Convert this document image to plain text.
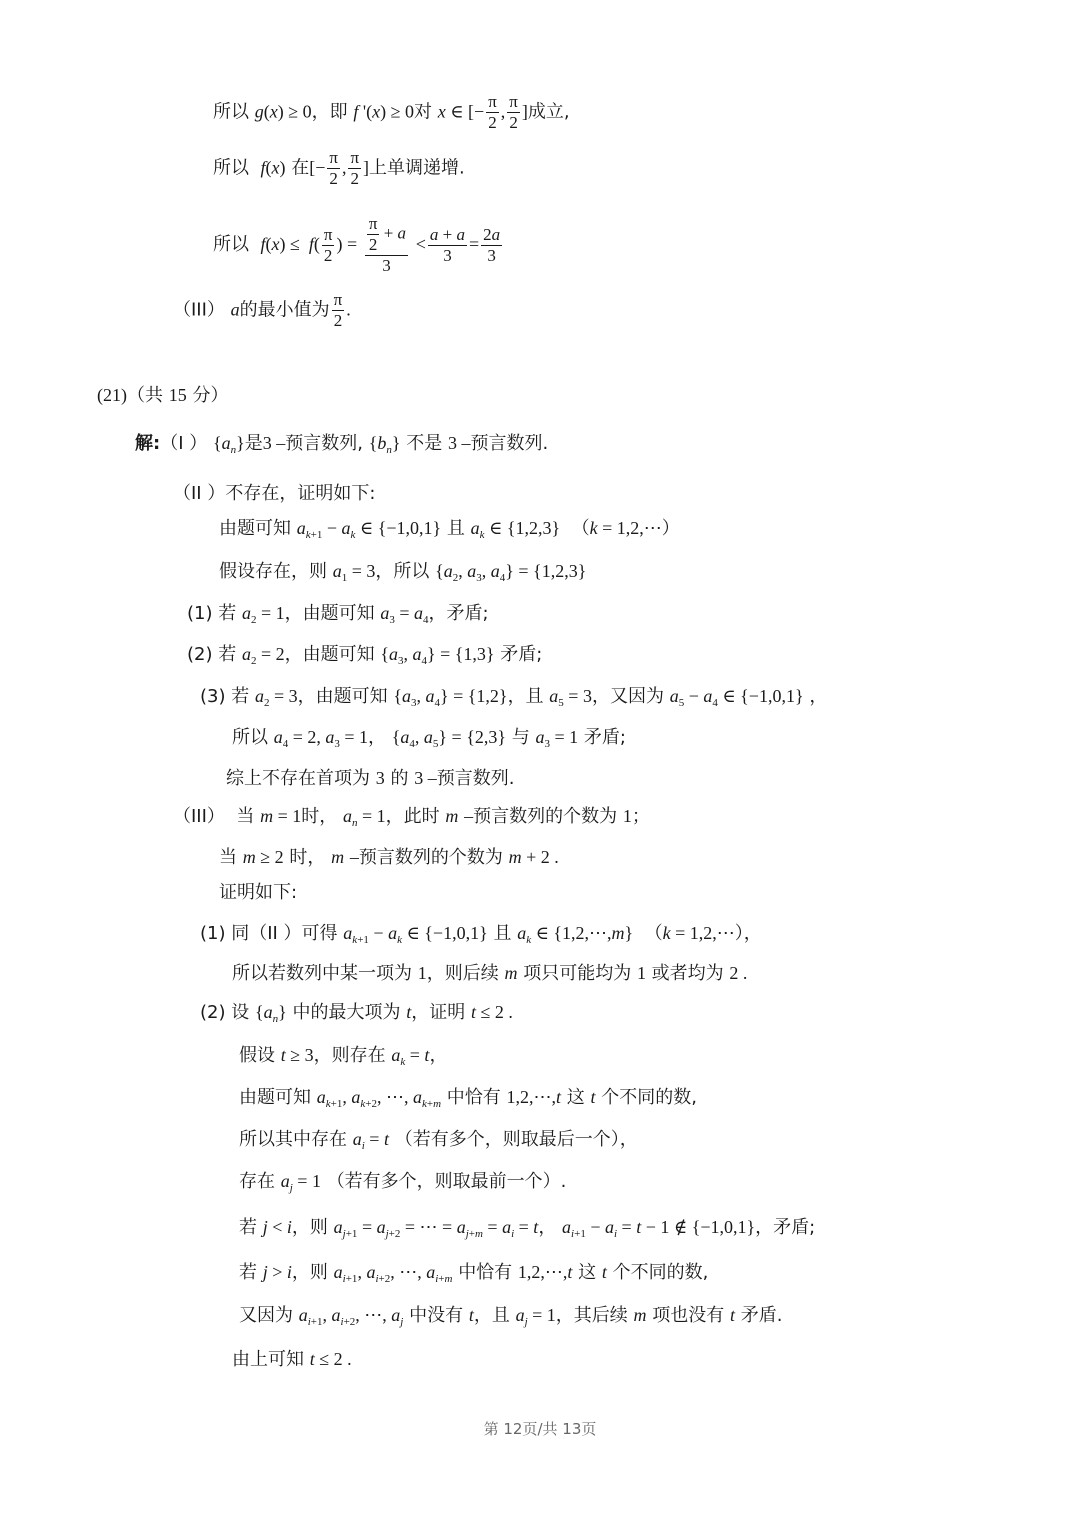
所以 g(x) ≥ 0，即 f '(x) ≥ 0对 x ∈ [− $\frac{\pi}{2}$ , $\frac{\pi}{2}$ ]成立,
所以 f(x) 在[− $\frac{\pi}{2}$ , $\frac{\pi}{2}$ ]上单调递增.
所以 $f(x) \le f( \frac{\pi}{2}$ ) = $\frac{\frac{\pi}{2} + a}{3} < \frac{a + a}{3} = \frac{2a}{3}$
（III） a的最小值为 $\frac{\pi}{2}$ .
(21)（共 15 分）
解:（I ） $\{a_n\}$是3 –预言数列, $\{b_n\}$ 不是 3 –预言数列.
（II ）不存在，证明如下:
由题可知 $a_{k+1} - a_k$ ∈ {−1,0,1} 且 $a_k$ ∈ {1,2,3} （k = 1,2,⋯）
假设存在，则 $a_1 = 3$，所以 {$a_2$, $a_3$, $a_4\} = \{1,2,3\}$
(1) 若 $a_2 = 1$，由题可知 $a_3 = a_4$，矛盾;
(2) 若 $a_2 = 2$，由题可知 {$a_3$, $a_4\} = \{1,3\}$ 矛盾;
(3) 若 $a_2 = 3$，由题可知 {$a_3$, $a_4\} = \{1,2\}$，且 $a_5 = 3$，又因为 $a_5 - a_4$ ∈ {−1,0,1} ，
所以 $a_4 = 2$, $a_3 = 1$， {$a_4$, $a_5\} = \{2,3\}$ 与 $a_3 = 1$ 矛盾;
综上不存在首项为 3 的 3 –预言数列.
（III）  当 m = 1时， $a_n = 1$，此时 m –预言数列的个数为 1；
当 m ≥ 2 时， m –预言数列的个数为 m + 2 .
证明如下:
(1) 同（II ）可得 $a_{k+1} - a_k$ ∈ {−1,0,1} 且 $a_k$ ∈ {1,2,⋯,m} （k = 1,2,⋯），
所以若数列中某一项为 1，则后续 m 项只可能均为 1 或者均为 2 .
(2) 设 $\{a_n\}$ 中的最大项为 t，证明 t ≤ 2 .
假设 t ≥ 3，则存在 $a_k = t$，
由题可知 $a_{k+1}$, $a_{k+2}$, ⋯, $a_{k+m}$ 中恰有 1,2,⋯,t 这 t 个不同的数,
所以其中存在 $a_i = t$ （若有多个，则取最后一个），
存在 $a_j = 1$ （若有多个，则取最前一个）.
若 j < i，则 $a_{j+1} = a_{j+2}$ = ⋯ = $a_{j+m} = a_i = t$， $a_{i+1} - a_i = t - 1$ ∉ {−1,0,1}，矛盾;
若 j > i，则 $a_{i+1}$, $a_{i+2}$, ⋯, $a_{i+m}$ 中恰有 1,2,⋯,t 这 t 个不同的数,
又因为 $a_{i+1}$, $a_{i+2}$, ⋯, $a_j$ 中没有 t，且 $a_j = 1$，其后续 m 项也没有 t 矛盾.
由上可知 t ≤ 2 .
第 12页/共 13页
